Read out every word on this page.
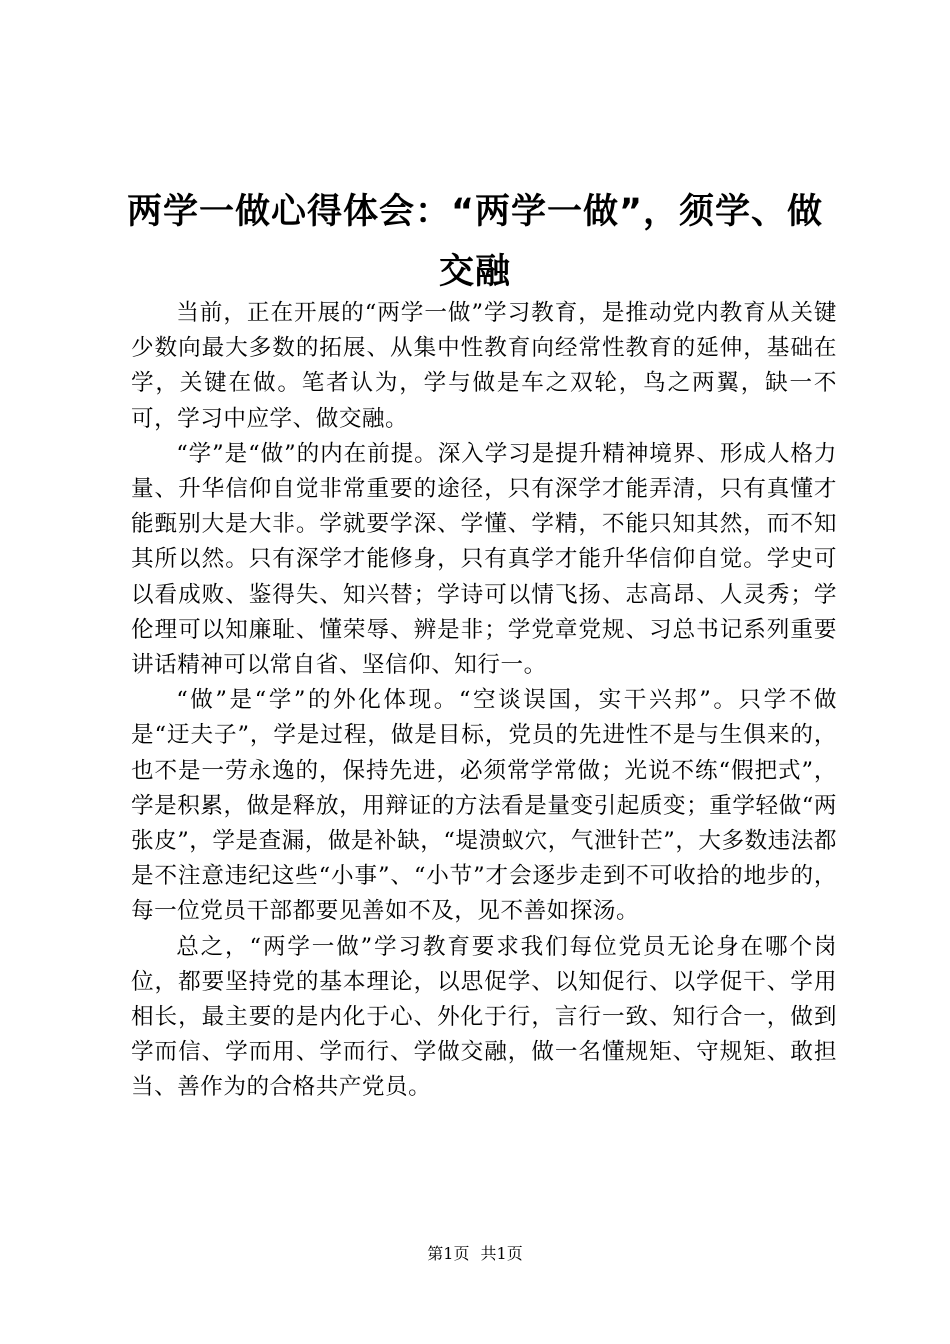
两学一做心得体会：“两学一做”，须学、做交融

当前，正在开展的“两学一做”学习教育，是推动党内教育从关键少数向最大多数的拓展、从集中性教育向经常性教育的延伸，基础在学，关键在做。笔者认为，学与做是车之双轮，鸟之两翼，缺一不可，学习中应学、做交融。

“学”是“做”的内在前提。深入学习是提升精神境界、形成人格力量、升华信仰自觉非常重要的途径，只有深学才能弄清，只有真懂才能甄别大是大非。学就要学深、学懂、学精，不能只知其然，而不知其所以然。只有深学才能修身，只有真学才能升华信仰自觉。学史可以看成败、鉴得失、知兴替；学诗可以情飞扬、志高昂、人灵秀；学伦理可以知廉耻、懂荣辱、辨是非；学党章党规、习总书记系列重要讲话精神可以常自省、坚信仰、知行一。

“做”是“学”的外化体现。“空谈误国，实干兴邦”。只学不做是“迂夫子”，学是过程，做是目标，党员的先进性不是与生俱来的，也不是一劳永逸的，保持先进，必须常学常做；光说不练“假把式”，学是积累，做是释放，用辩证的方法看是量变引起质变；重学轻做“两张皮”，学是查漏，做是补缺，“堤溃蚁穴，气泄针芒”，大多数违法都是不注意违纪这些“小事”、“小节”才会逐步走到不可收拾的地步的，每一位党员干部都要见善如不及，见不善如探汤。

总之，“两学一做”学习教育要求我们每位党员无论身在哪个岗位，都要坚持党的基本理论，以思促学、以知促行、以学促干、学用相长，最主要的是内化于心、外化于行，言行一致、知行合一，做到学而信、学而用、学而行、学做交融，做一名懂规矩、守规矩、敢担当、善作为的合格共产党员。

第1页 共1页
